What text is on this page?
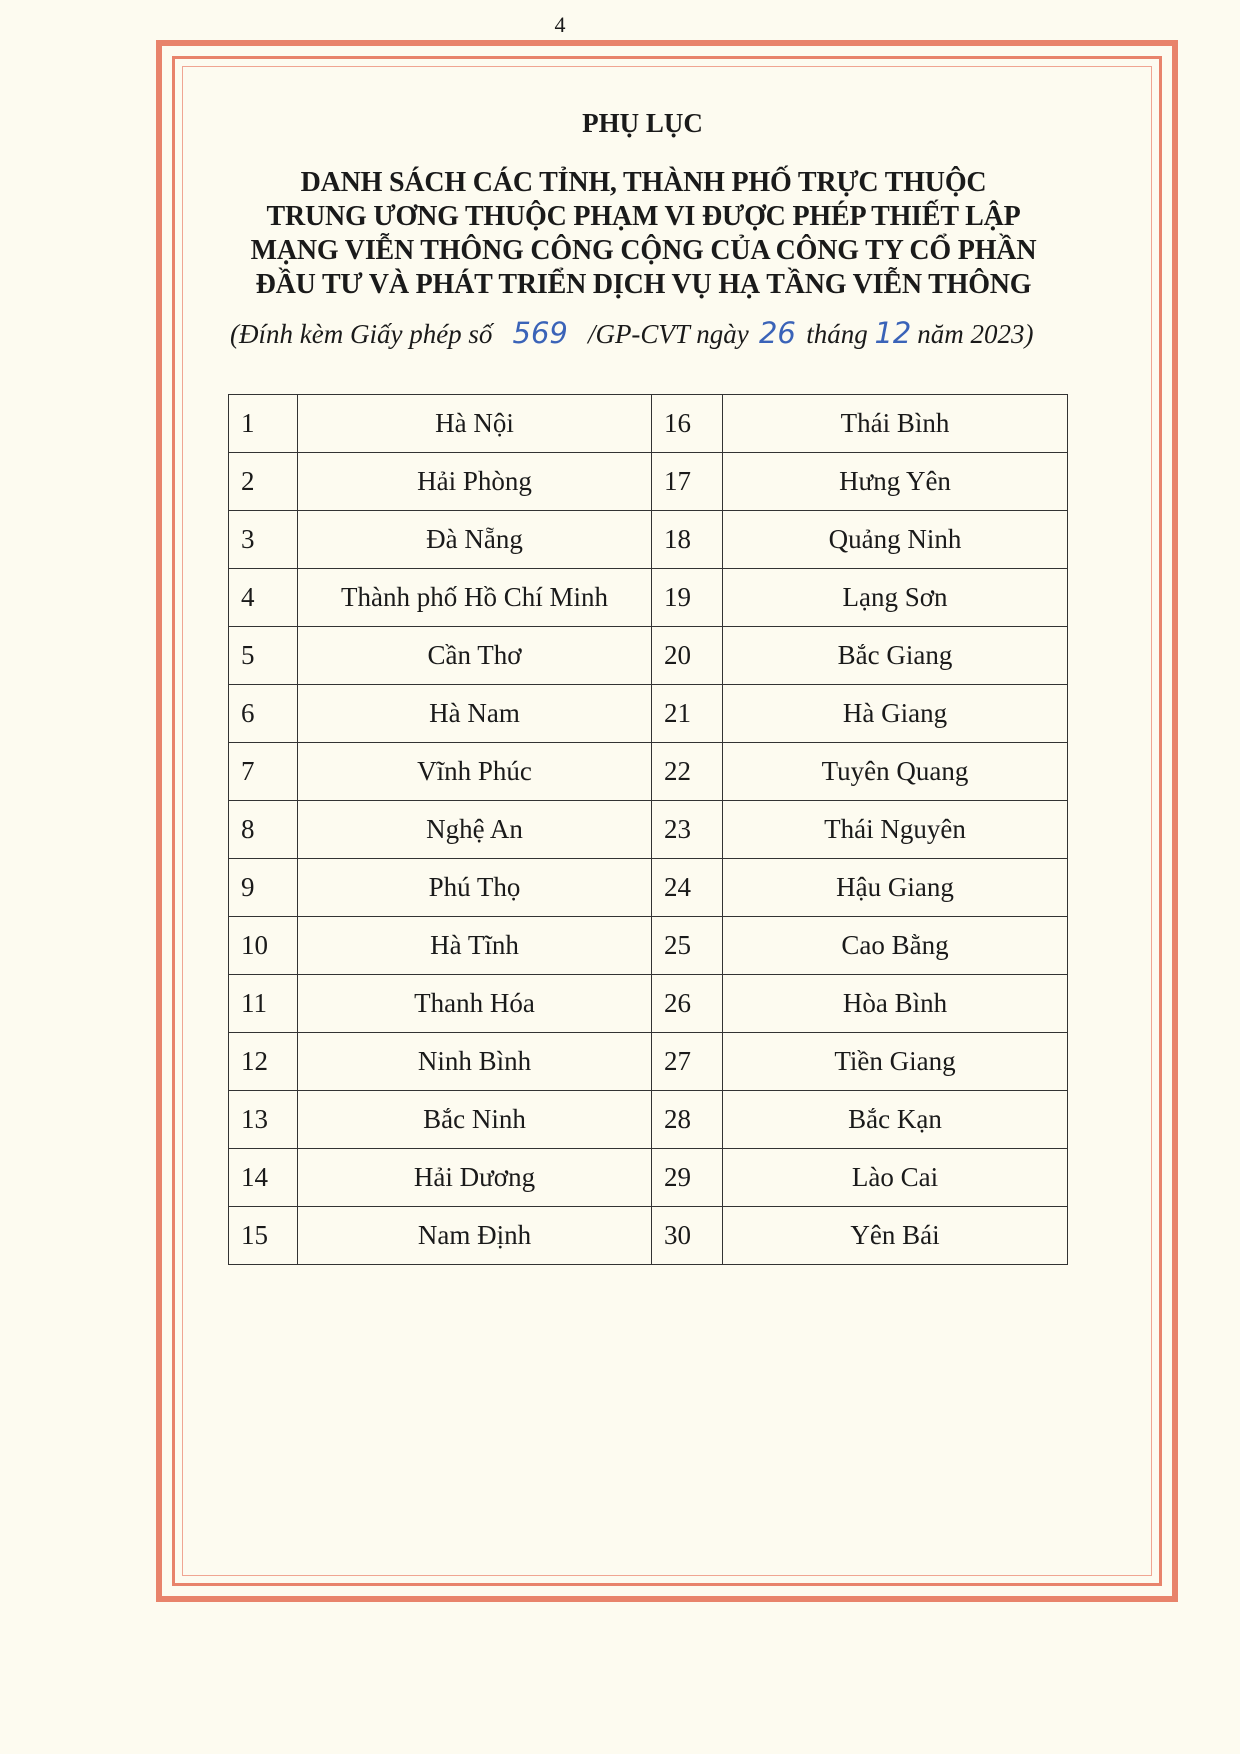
4
PHỤ LỤC
DANH SÁCH CÁC TỈNH, THÀNH PHỐ TRỰC THUỘC
TRUNG ƯƠNG THUỘC PHẠM VI ĐƯỢC PHÉP THIẾT LẬP
MẠNG VIỄN THÔNG CÔNG CỘNG CỦA CÔNG TY CỔ PHẦN
ĐẦU TƯ VÀ PHÁT TRIỂN DỊCH VỤ HẠ TẦNG VIỄN THÔNG
(Đính kèm Giấy phép số 569 /GP-CVT ngày 26 tháng 12 năm 2023)
1	Hà Nội	16	Thái Bình
2	Hải Phòng	17	Hưng Yên
3	Đà Nẵng	18	Quảng Ninh
4	Thành phố Hồ Chí Minh	19	Lạng Sơn
5	Cần Thơ	20	Bắc Giang
6	Hà Nam	21	Hà Giang
7	Vĩnh Phúc	22	Tuyên Quang
8	Nghệ An	23	Thái Nguyên
9	Phú Thọ	24	Hậu Giang
10	Hà Tĩnh	25	Cao Bằng
11	Thanh Hóa	26	Hòa Bình
12	Ninh Bình	27	Tiền Giang
13	Bắc Ninh	28	Bắc Kạn
14	Hải Dương	29	Lào Cai
15	Nam Định	30	Yên Bái
